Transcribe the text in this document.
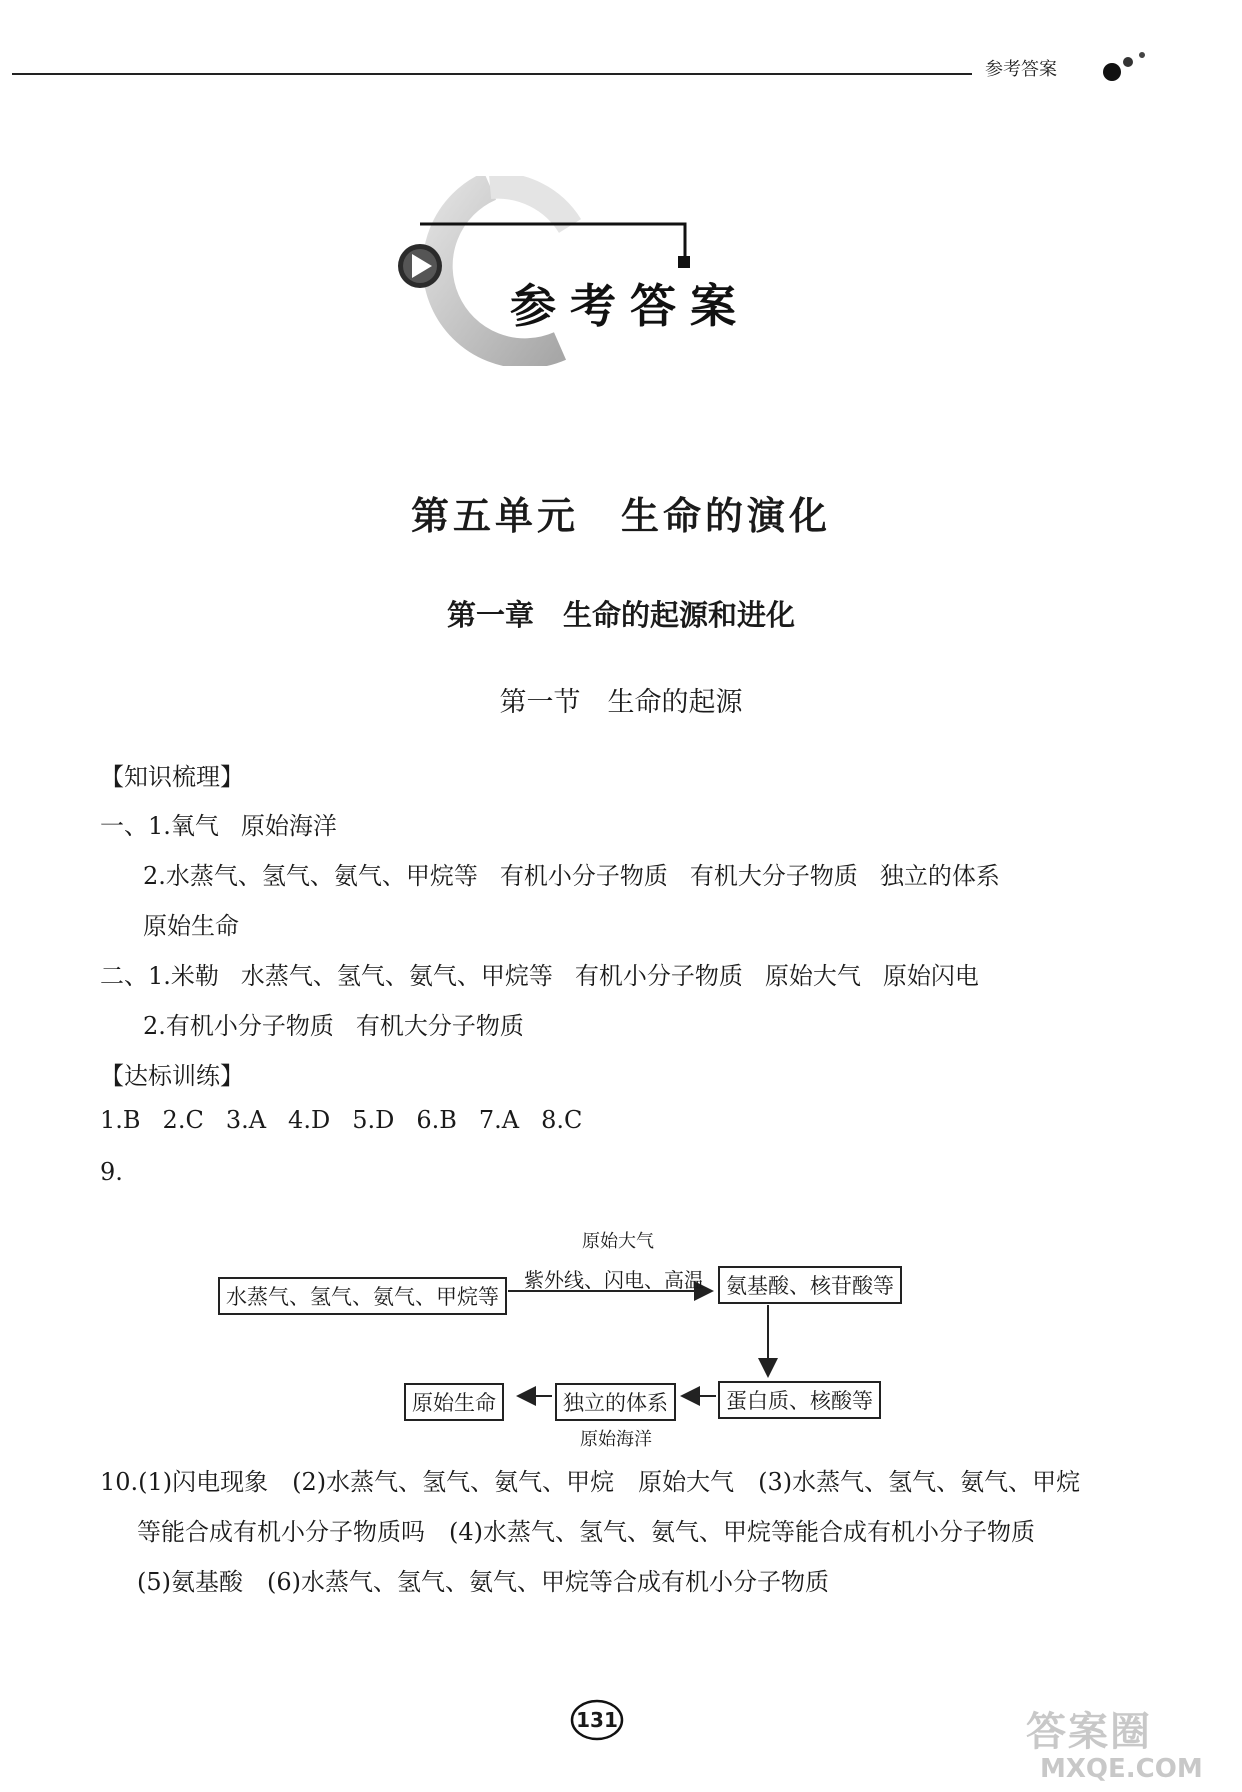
参考答案
参考答案
第五单元　生命的演化
第一章　生命的起源和进化
第一节　生命的起源
【知识梳理】
一、1.氧气 原始海洋
2.水蒸气、氢气、氨气、甲烷等 有机小分子物质 有机大分子物质 独立的体系
原始生命
二、1.米勒 水蒸气、氢气、氨气、甲烷等 有机小分子物质 原始大气 原始闪电
2.有机小分子物质 有机大分子物质
【达标训练】
1.B 2.C 3.A 4.D 5.D 6.B 7.A 8.C
9.
原始大气
原始海洋
水蒸气、氢气、氨气、甲烷等
紫外线、闪电、高温	氨基酸、核苷酸等
蛋白质、核酸等
独立的体系
原始生命
10.(1)闪电现象　(2)水蒸气、氢气、氨气、甲烷　原始大气　(3)水蒸气、氢气、氨气、甲烷
等能合成有机小分子物质吗　(4)水蒸气、氢气、氨气、甲烷等能合成有机小分子物质
(5)氨基酸　(6)水蒸气、氢气、氨气、甲烷等合成有机小分子物质
131	答案圈
MXQE.COM
